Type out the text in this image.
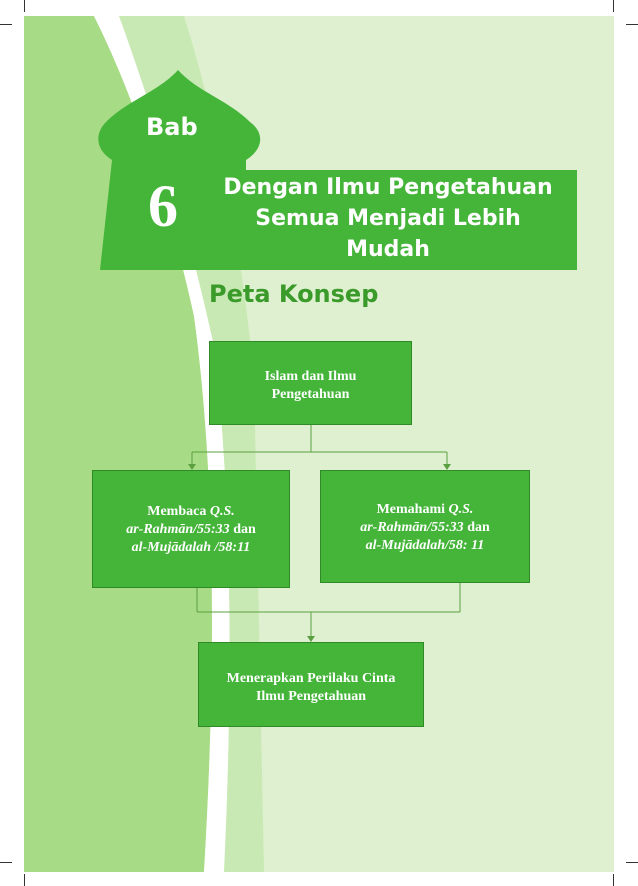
Bab
6	Dengan Ilmu Pengetahuan
Semua Menjadi Lebih
Mudah
Peta Konsep
Islam dan Ilmu
Pengetahuan
Membaca Q.S.
ar-Rahmān/55:33 dan
al-Mujādalah /58:11
Memahami Q.S.
ar-Rahmān/55:33 dan
al-Mujādalah/58: 11
Menerapkan Perilaku Cinta
Ilmu Pengetahuan
